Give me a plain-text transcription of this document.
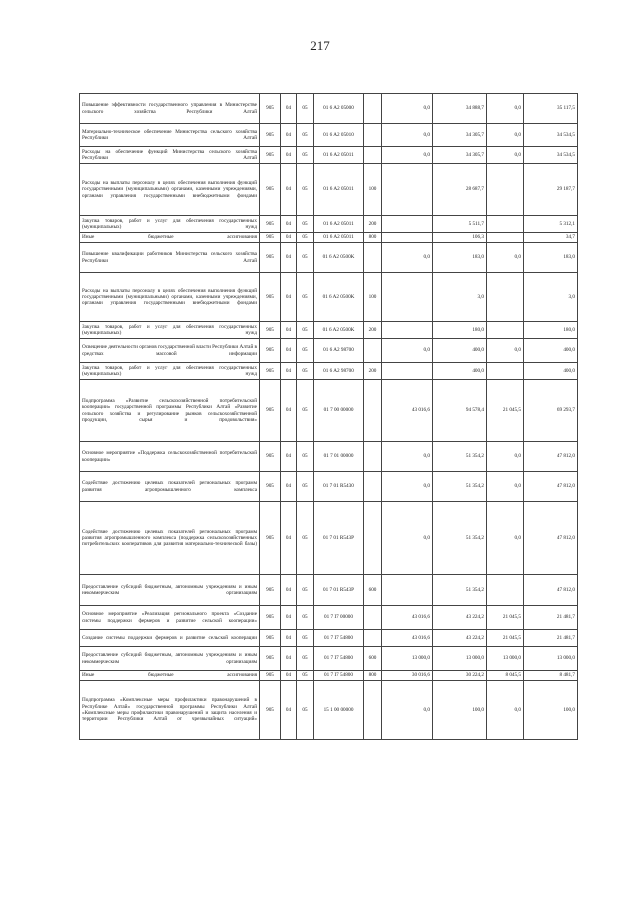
217
Повышение эффективности государственного управления в Министерстве сельского хозяйства Республики Алтай	905	04	05	01 6 A2 05000		0,0	34 888,7	0,0	35 117,5
Материально-техническое обеспечение Министерства сельского хозяйства Республики Алтай	905	04	05	01 6 A2 05010		0,0	34 305,7	0,0	34 534,5
Расходы на обеспечение функций Министерства сельского хозяйства Республики Алтай	905	04	05	01 6 A2 05011		0,0	34 305,7	0,0	34 534,5
Расходы на выплаты персоналу в целях обеспечения выполнения функций государственными (муниципальными) органами, казенными учреждениями, органами управления государственными внебюджетными фондами	905	04	05	01 6 A2 05011	100		28 687,7		29 187,7
Закупка товаров, работ и услуг для обеспечения государственных (муниципальных) нужд	905	04	05	01 6 A2 05011	200		5 511,7		5 312,1
Иные бюджетные ассигнования	905	04	05	01 6 A2 05011	800		106,3		34,7
Повышение квалификации работников Министерства сельского хозяйства Республики Алтай	905	04	05	01 6 A2 0500K		0,0	183,0	0,0	183,0
Расходы на выплаты персоналу в целях обеспечения выполнения функций государственными (муниципальными) органами, казенными учреждениями, органами управления государственными внебюджетными фондами	905	04	05	01 6 A2 0500K	100		3,0		3,0
Закупка товаров, работ и услуг для обеспечения государственных (муниципальных) нужд	905	04	05	01 6 A2 0500K	200		180,0		180,0
Освещение деятельности органов государственной власти Республики Алтай в средствах массовой информации	905	04	05	01 6 A2 98700		0,0	400,0	0,0	400,0
Закупка товаров, работ и услуг для обеспечения государственных (муниципальных) нужд	905	04	05	01 6 A2 98700	200		400,0		400,0
Подпрограмма «Развитие сельскохозяйственной потребительской кооперации» государственной программы Республики Алтай «Развитие сельского хозяйства и регулирование рынков сельскохозяйственной продукции, сырья и продовольствия»	905	04	05	01 7 00 00000		43 016,6	94 578,4	21 045,5	69 293,7
Основное мероприятие «Поддержка сельскохозяйственной потребительской кооперации»	905	04	05	01 7 01 00000		0,0	51 354,2	0,0	47 812,0
Содействие достижению целевых показателей региональных программ развития агропромышленного комплекса	905	04	05	01 7 01 R5430		0,0	51 354,2	0,0	47 812,0
Содействие достижению целевых показателей региональных программ развития агропромышленного комплекса (поддержка сельскохозяйственных потребительских кооперативов для развития материально-технической базы)	905	04	05	01 7 01 R543P		0,0	51 354,2	0,0	47 812,0
Предоставление субсидий бюджетным, автономным учреждениям и иным некоммерческим организациям	905	04	05	01 7 01 R543P	600		51 354,2		47 812,0
Основное мероприятие «Реализация регионального проекта «Создание системы поддержки фермеров и развитие сельской кооперации»	905	04	05	01 7 I7 00000		43 016,6	43 224,2	21 045,5	21 481,7
Создание системы поддержки фермеров и развитие сельской кооперации	905	04	05	01 7 I7 54800		43 016,6	43 224,2	21 045,5	21 481,7
Предоставление субсидий бюджетным, автономным учреждениям и иным некоммерческим организациям	905	04	05	01 7 I7 54800	600	13 000,0	13 000,0	13 000,0	13 000,0
Иные бюджетные ассигнования	905	04	05	01 7 I7 54800	800	30 016,6	30 224,2	8 045,5	8 481,7
Подпрограмма «Комплексные меры профилактики правонарушений в Республике Алтай» государственной программы Республики Алтай «Комплексные меры профилактики правонарушений и защита населения и территории Республики Алтай от чрезвычайных ситуаций»	905	04	05	15 1 00 00000		0,0	100,0	0,0	100,0
